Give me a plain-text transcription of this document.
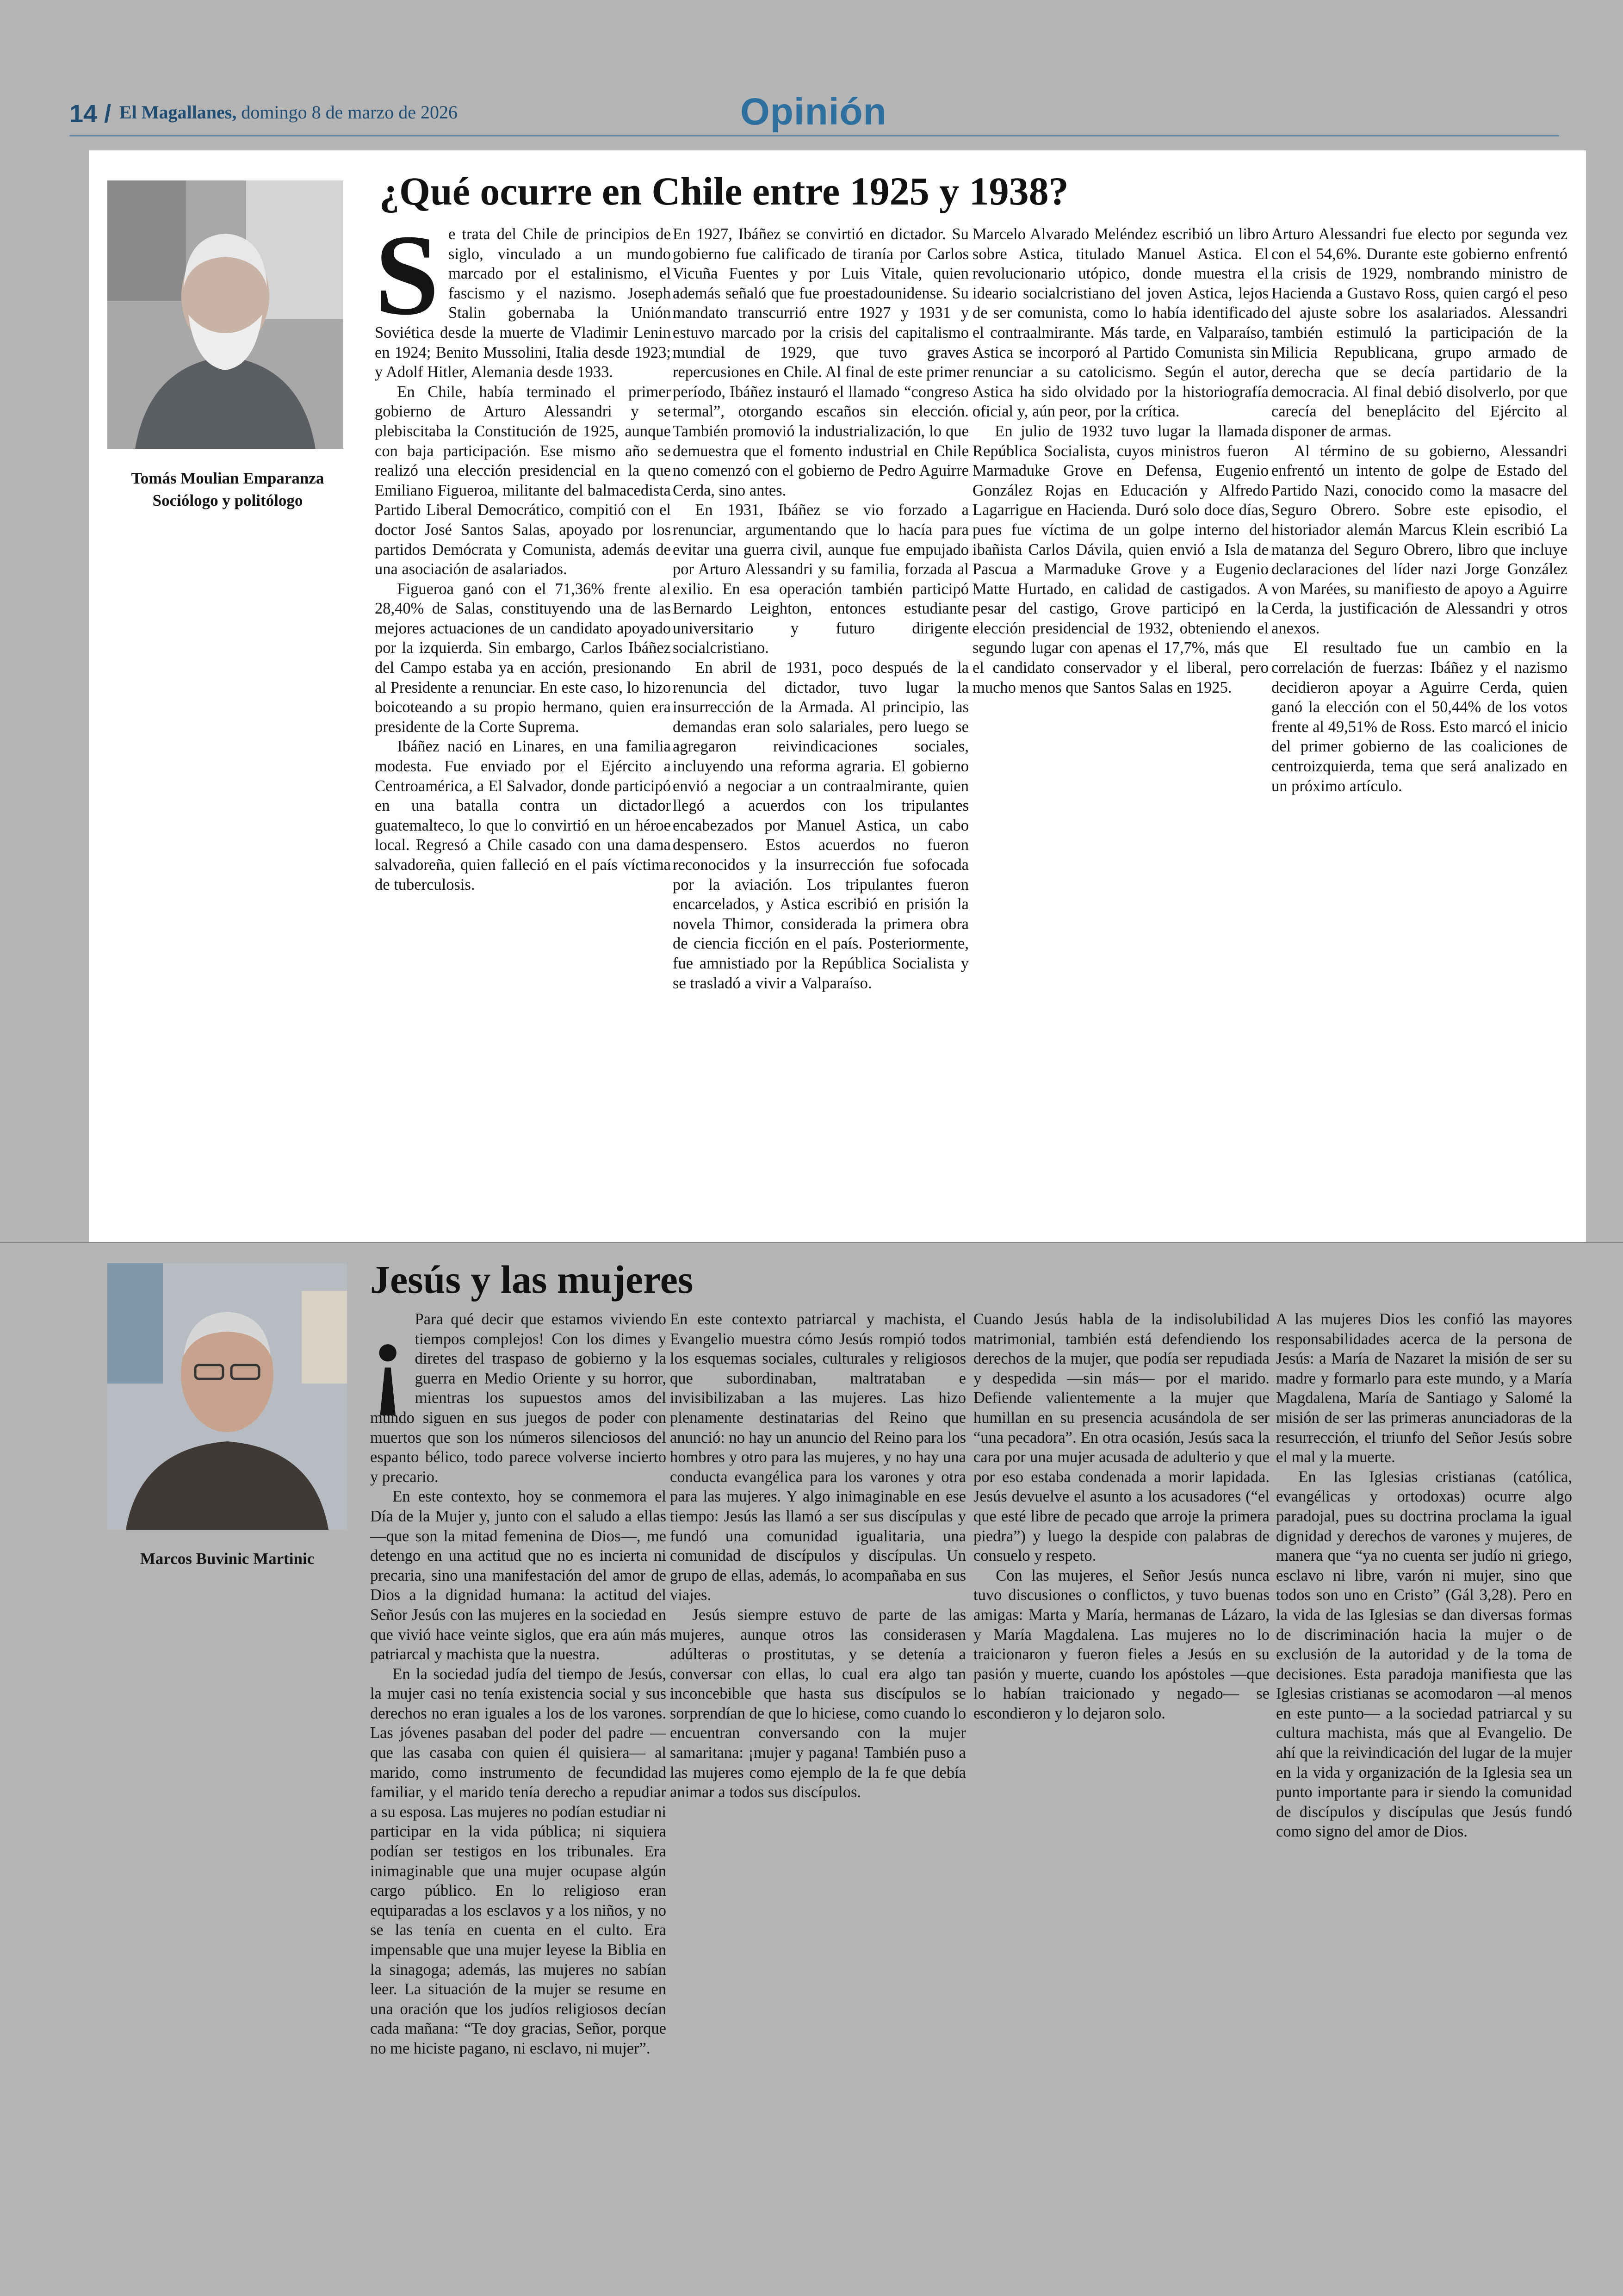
14 / El Magallanes, domingo 8 de marzo de 2026	Opinión
Tomás Moulian Emparanza
Sociólogo y politólogo
¿Qué ocurre en Chile entre 1925 y 1938?

Se trata del Chile de principios de siglo, vinculado a un mundo marcado por el estalinismo, el fascismo y el nazismo. Joseph Stalin gobernaba la Unión Soviética desde la muerte de Vladimir Lenin en 1924; Benito Mussolini, Italia desde 1923; y Adolf Hitler, Alemania desde 1933.

En Chile, había terminado el primer gobierno de Arturo Alessandri y se plebiscitaba la Constitución de 1925, aunque con baja participación. Ese mismo año se realizó una elección presidencial en la que Emiliano Figueroa, militante del balmacedista Partido Liberal Democrático, compitió con el doctor José Santos Salas, apoyado por los partidos Demócrata y Comunista, además de una asociación de asalariados.

Figueroa ganó con el 71,36% frente al 28,40% de Salas, constituyendo una de las mejores actuaciones de un candidato apoyado por la izquierda. Sin embargo, Carlos Ibáñez del Campo estaba ya en acción, presionando al Presidente a renunciar. En este caso, lo hizo boicoteando a su propio hermano, quien era presidente de la Corte Suprema.

Ibáñez nació en Linares, en una familia modesta. Fue enviado por el Ejército a Centroamérica, a El Salvador, donde participó en una batalla contra un dictador guatemalteco, lo que lo convirtió en un héroe local. Regresó a Chile casado con una dama salvadoreña, quien falleció en el país víctima de tuberculosis.

En 1927, Ibáñez se convirtió en dictador. Su gobierno fue calificado de tiranía por Carlos Vicuña Fuentes y por Luis Vitale, quien además señaló que fue proestadounidense. Su mandato transcurrió entre 1927 y 1931 y estuvo marcado por la crisis del capitalismo mundial de 1929, que tuvo graves repercusiones en Chile. Al final de este primer período, Ibáñez instauró el llamado “congreso termal”, otorgando escaños sin elección. También promovió la industrialización, lo que demuestra que el fomento industrial en Chile no comenzó con el gobierno de Pedro Aguirre Cerda, sino antes.

En 1931, Ibáñez se vio forzado a renunciar, argumentando que lo hacía para evitar una guerra civil, aunque fue empujado por Arturo Alessandri y su familia, forzada al exilio. En esa operación también participó Bernardo Leighton, entonces estudiante universitario y futuro dirigente socialcristiano.

En abril de 1931, poco después de la renuncia del dictador, tuvo lugar la insurrección de la Armada. Al principio, las demandas eran solo salariales, pero luego se agregaron reivindicaciones sociales, incluyendo una reforma agraria. El gobierno envió a negociar a un contraalmirante, quien llegó a acuerdos con los tripulantes encabezados por Manuel Astica, un cabo despensero. Estos acuerdos no fueron reconocidos y la insurrección fue sofocada por la aviación. Los tripulantes fueron encarcelados, y Astica escribió en prisión la novela Thimor, considerada la primera obra de ciencia ficción en el país. Posteriormente, fue amnistiado por la República Socialista y se trasladó a vivir a Valparaíso.

Marcelo Alvarado Meléndez escribió un libro sobre Astica, titulado Manuel Astica. El revolucionario utópico, donde muestra el ideario socialcristiano del joven Astica, lejos de ser comunista, como lo había identificado el contraalmirante. Más tarde, en Valparaíso, Astica se incorporó al Partido Comunista sin renunciar a su catolicismo. Según el autor, Astica ha sido olvidado por la historiografía oficial y, aún peor, por la crítica.

En julio de 1932 tuvo lugar la llamada República Socialista, cuyos ministros fueron Marmaduke Grove en Defensa, Eugenio González Rojas en Educación y Alfredo Lagarrigue en Hacienda. Duró solo doce días, pues fue víctima de un golpe interno del ibañista Carlos Dávila, quien envió a Isla de Pascua a Marmaduke Grove y a Eugenio Matte Hurtado, en calidad de castigados. A pesar del castigo, Grove participó en la elección presidencial de 1932, obteniendo el segundo lugar con apenas el 17,7%, más que el candidato conservador y el liberal, pero mucho menos que Santos Salas en 1925.

Arturo Alessandri fue electo por segunda vez con el 54,6%. Durante este gobierno enfrentó la crisis de 1929, nombrando ministro de Hacienda a Gustavo Ross, quien cargó el peso del ajuste sobre los asalariados. Alessandri también estimuló la participación de la Milicia Republicana, grupo armado de derecha que se decía partidario de la democracia. Al final debió disolverlo, por que carecía del beneplácito del Ejército al disponer de armas.

Al término de su gobierno, Alessandri enfrentó un intento de golpe de Estado del Partido Nazi, conocido como la masacre del Seguro Obrero. Sobre este episodio, el historiador alemán Marcus Klein escribió La matanza del Seguro Obrero, libro que incluye declaraciones del líder nazi Jorge González von Marées, su manifiesto de apoyo a Aguirre Cerda, la justificación de Alessandri y otros anexos.

El resultado fue un cambio en la correlación de fuerzas: Ibáñez y el nazismo decidieron apoyar a Aguirre Cerda, quien ganó la elección con el 50,44% de los votos frente al 49,51% de Ross. Esto marcó el inicio del primer gobierno de las coaliciones de centroizquierda, tema que será analizado en un próximo artículo.

Marcos Buvinic Martinic
Jesús y las mujeres

¡ Para qué decir que estamos viviendo tiempos complejos! Con los dimes y diretes del traspaso de gobierno y la guerra en Medio Oriente y su horror, mientras los supuestos amos del mundo siguen en sus juegos de poder con muertos que son los números silenciosos del espanto bélico, todo parece volverse incierto y precario.

En este contexto, hoy se conmemora el Día de la Mujer y, junto con el saludo a ellas —que son la mitad femenina de Dios—, me detengo en una actitud que no es incierta ni precaria, sino una manifestación del amor de Dios a la dignidad humana: la actitud del Señor Jesús con las mujeres en la sociedad en que vivió hace veinte siglos, que era aún más patriarcal y machista que la nuestra.

En la sociedad judía del tiempo de Jesús, la mujer casi no tenía existencia social y sus derechos no eran iguales a los de los varones. Las jóvenes pasaban del poder del padre —que las casaba con quien él quisiera— al marido, como instrumento de fecundidad familiar, y el marido tenía derecho a repudiar a su esposa. Las mujeres no podían estudiar ni participar en la vida pública; ni siquiera podían ser testigos en los tribunales. Era inimaginable que una mujer ocupase algún cargo público. En lo religioso eran equiparadas a los esclavos y a los niños, y no se las tenía en cuenta en el culto. Era impensable que una mujer leyese la Biblia en la sinagoga; además, las mujeres no sabían leer. La situación de la mujer se resume en una oración que los judíos religiosos decían cada mañana: “Te doy gracias, Señor, porque no me hiciste pagano, ni esclavo, ni mujer”.

En este contexto patriarcal y machista, el Evangelio muestra cómo Jesús rompió todos los esquemas sociales, culturales y religiosos que subordinaban, maltrataban e invisibilizaban a las mujeres. Las hizo plenamente destinatarias del Reino que anunció: no hay un anuncio del Reino para los hombres y otro para las mujeres, y no hay una conducta evangélica para los varones y otra para las mujeres. Y algo inimaginable en ese tiempo: Jesús las llamó a ser sus discípulas y fundó una comunidad igualitaria, una comunidad de discípulos y discípulas. Un grupo de ellas, además, lo acompañaba en sus viajes.

Jesús siempre estuvo de parte de las mujeres, aunque otros las considerasen adúlteras o prostitutas, y se detenía a conversar con ellas, lo cual era algo tan inconcebible que hasta sus discípulos se sorprendían de que lo hiciese, como cuando lo encuentran conversando con la mujer samaritana: ¡mujer y pagana! También puso a las mujeres como ejemplo de la fe que debía animar a todos sus discípulos.

Cuando Jesús habla de la indisolubilidad matrimonial, también está defendiendo los derechos de la mujer, que podía ser repudiada y despedida —sin más— por el marido. Defiende valientemente a la mujer que humillan en su presencia acusándola de ser “una pecadora”. En otra ocasión, Jesús saca la cara por una mujer acusada de adulterio y que por eso estaba condenada a morir lapidada. Jesús devuelve el asunto a los acusadores (“el que esté libre de pecado que arroje la primera piedra”) y luego la despide con palabras de consuelo y respeto.

Con las mujeres, el Señor Jesús nunca tuvo discusiones o conflictos, y tuvo buenas amigas: Marta y María, hermanas de Lázaro, y María Magdalena. Las mujeres no lo traicionaron y fueron fieles a Jesús en su pasión y muerte, cuando los apóstoles —que lo habían traicionado y negado— se escondieron y lo dejaron solo.

A las mujeres Dios les confió las mayores responsabilidades acerca de la persona de Jesús: a María de Nazaret la misión de ser su madre y formarlo para este mundo, y a María Magdalena, María de Santiago y Salomé la misión de ser las primeras anunciadoras de la resurrección, el triunfo del Señor Jesús sobre el mal y la muerte.

En las Iglesias cristianas (católica, evangélicas y ortodoxas) ocurre algo paradojal, pues su doctrina proclama la igual dignidad y derechos de varones y mujeres, de manera que “ya no cuenta ser judío ni griego, esclavo ni libre, varón ni mujer, sino que todos son uno en Cristo” (Gál 3,28). Pero en la vida de las Iglesias se dan diversas formas de discriminación hacia la mujer o de exclusión de la autoridad y de la toma de decisiones. Esta paradoja manifiesta que las Iglesias cristianas se acomodaron —al menos en este punto— a la sociedad patriarcal y su cultura machista, más que al Evangelio. De ahí que la reivindicación del lugar de la mujer en la vida y organización de la Iglesia sea un punto importante para ir siendo la comunidad de discípulos y discípulas que Jesús fundó como signo del amor de Dios.
